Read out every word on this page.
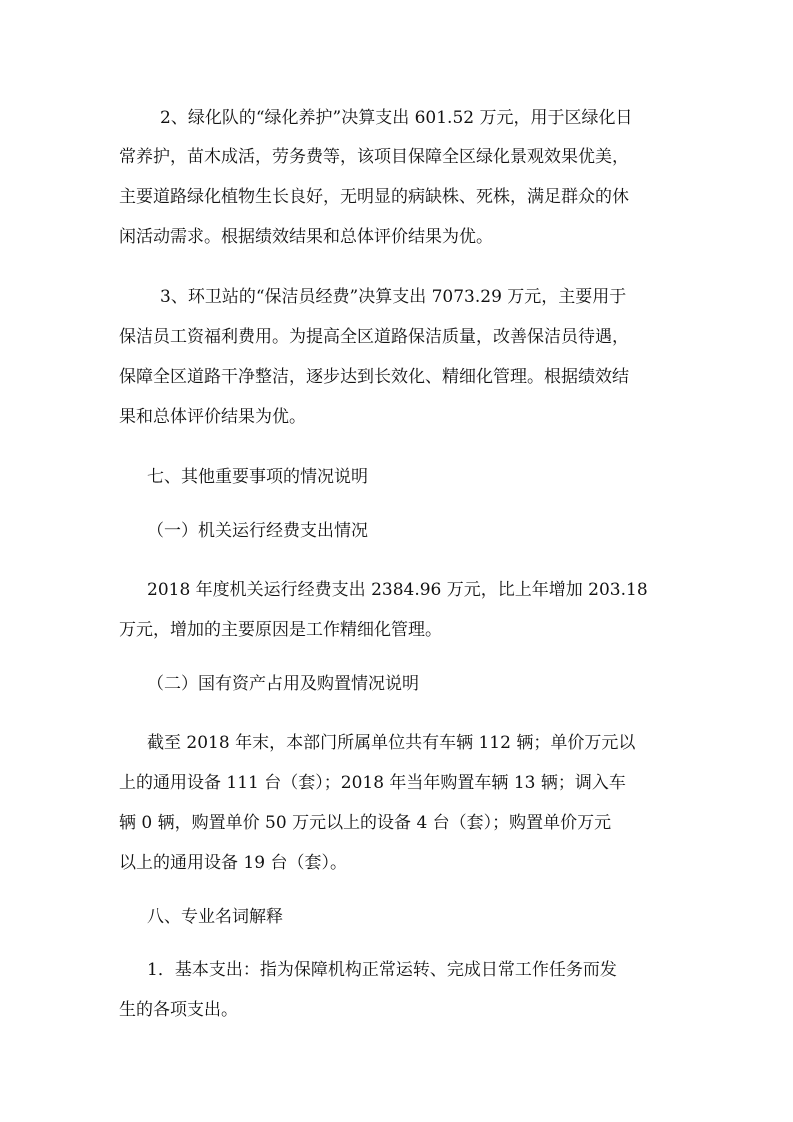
2、绿化队的“绿化养护”决算支出 601.52 万元，用于区绿化日
常养护，苗木成活，劳务费等，该项目保障全区绿化景观效果优美，
主要道路绿化植物生长良好，无明显的病缺株、死株，满足群众的休
闲活动需求。根据绩效结果和总体评价结果为优。
3、环卫站的“保洁员经费”决算支出 7073.29 万元，主要用于
保洁员工资福利费用。为提高全区道路保洁质量，改善保洁员待遇，
保障全区道路干净整洁，逐步达到长效化、精细化管理。根据绩效结
果和总体评价结果为优。
七、其他重要事项的情况说明
（一）机关运行经费支出情况
2018 年度机关运行经费支出 2384.96 万元，比上年增加 203.18
万元，增加的主要原因是工作精细化管理。
（二）国有资产占用及购置情况说明
截至 2018 年末，本部门所属单位共有车辆 112 辆；单价万元以
上的通用设备 111 台（套）；2018 年当年购置车辆 13 辆；调入车
辆 0 辆，购置单价 50 万元以上的设备 4 台（套）；购置单价万元
以上的通用设备 19 台（套）。
八、专业名词解释
1．基本支出：指为保障机构正常运转、完成日常工作任务而发
生的各项支出。
